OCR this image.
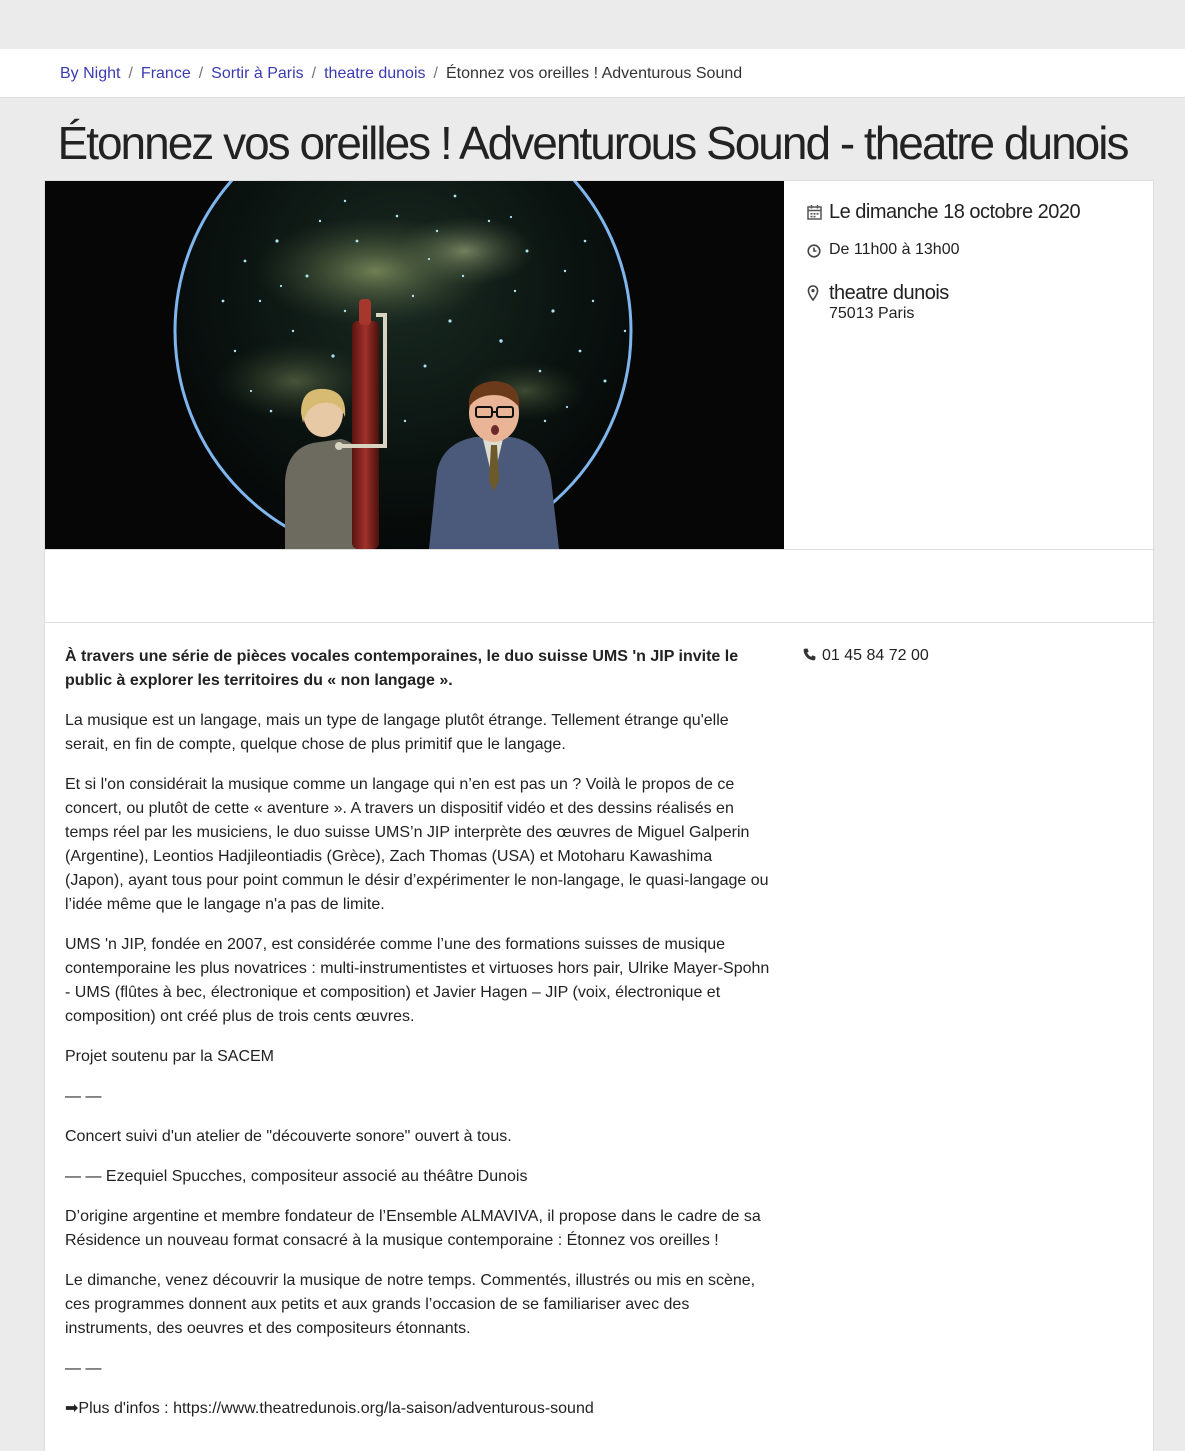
By Night / France / Sortir à Paris / theatre dunois / Étonnez vos oreilles ! Adventurous Sound
Étonnez vos oreilles ! Adventurous Sound - theatre dunois
Le dimanche 18 octobre 2020
De 11h00 à 13h00
theatre dunois
75013 Paris

À travers une série de pièces vocales contemporaines, le duo suisse UMS 'n JIP invite le public à explorer les territoires du « non langage ».

La musique est un langage, mais un type de langage plutôt étrange. Tellement étrange qu'elle serait, en fin de compte, quelque chose de plus primitif que le langage.

Et si l'on considérait la musique comme un langage qui n’en est pas un ? Voilà le propos de ce concert, ou plutôt de cette « aventure ». A travers un dispositif vidéo et des dessins réalisés en temps réel par les musiciens, le duo suisse UMS’n JIP interprète des œuvres de Miguel Galperin (Argentine), Leontios Hadjileontiadis (Grèce), Zach Thomas (USA) et Motoharu Kawashima (Japon), ayant tous pour point commun le désir d’expérimenter le non-langage, le quasi-langage ou l’idée même que le langage n'a pas de limite.

UMS 'n JIP, fondée en 2007, est considérée comme l’une des formations suisses de musique contemporaine les plus novatrices : multi-instrumentistes et virtuoses hors pair, Ulrike Mayer-Spohn - UMS (flûtes à bec, électronique et composition) et Javier Hagen – JIP (voix, électronique et composition) ont créé plus de trois cents œuvres.

Projet soutenu par la SACEM

— —

Concert suivi d'un atelier de "découverte sonore" ouvert à tous.

— — Ezequiel Spucches, compositeur associé au théâtre Dunois

D’origine argentine et membre fondateur de l’Ensemble ALMAVIVA, il propose dans le cadre de sa Résidence un nouveau format consacré à la musique contemporaine : Étonnez vos oreilles !

Le dimanche, venez découvrir la musique de notre temps. Commentés, illustrés ou mis en scène, ces programmes donnent aux petits et aux grands l’occasion de se familiariser avec des instruments, des oeuvres et des compositeurs étonnants.

— —

➡Plus d'infos : https://www.theatredunois.org/la-saison/adventurous-sound

01 45 84 72 00
